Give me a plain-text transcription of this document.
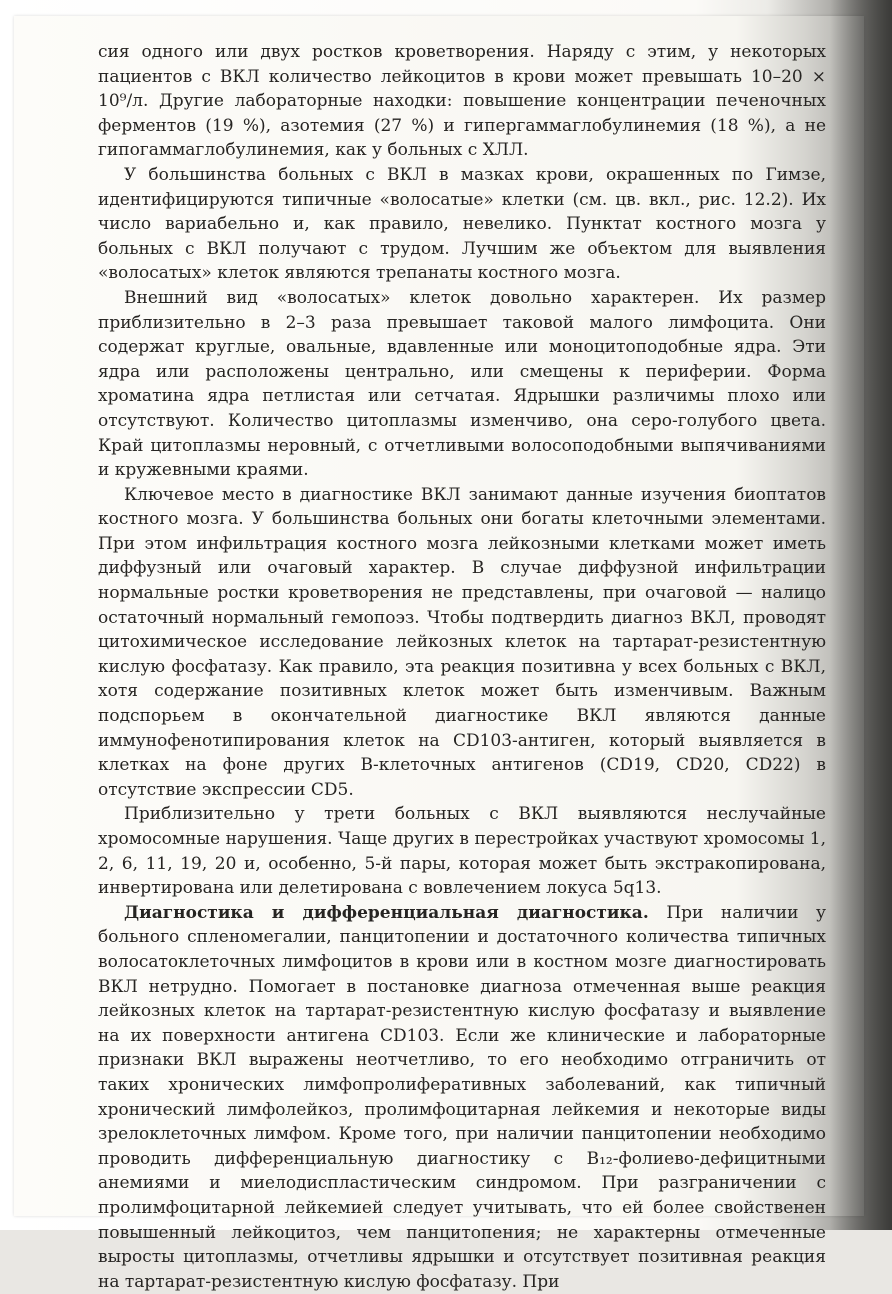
сия одного или двух ростков кроветворения. Наряду с этим, у некоторых пациентов с ВКЛ количество лейкоцитов в крови может превышать 10–20 × 10⁹/л. Другие лабораторные находки: повышение концентрации печеночных ферментов (19 %), азотемия (27 %) и гипергаммаглобулинемия (18 %), а не гипогаммаглобулинемия, как у больных с ХЛЛ.

У большинства больных с ВКЛ в мазках крови, окрашенных по Гимзе, идентифицируются типичные «волосатые» клетки (см. цв. вкл., рис. 12.2). Их число вариабельно и, как правило, невелико. Пунктат костного мозга у больных с ВКЛ получают с трудом. Лучшим же объектом для выявления «волосатых» клеток являются трепанаты костного мозга.

Внешний вид «волосатых» клеток довольно характерен. Их размер приблизительно в 2–3 раза превышает таковой малого лимфоцита. Они содержат круглые, овальные, вдавленные или моноцитоподобные ядра. Эти ядра или расположены центрально, или смещены к периферии. Форма хроматина ядра петлистая или сетчатая. Ядрышки различимы плохо или отсутствуют. Количество цитоплазмы изменчиво, она серо-голубого цвета. Край цитоплазмы неровный, с отчетливыми волосоподобными выпячиваниями и кружевными краями.

Ключевое место в диагностике ВКЛ занимают данные изучения биоптатов костного мозга. У большинства больных они богаты клеточными элементами. При этом инфильтрация костного мозга лейкозными клетками может иметь диффузный или очаговый характер. В случае диффузной инфильтрации нормальные ростки кроветворения не представлены, при очаговой — налицо остаточный нормальный гемопоэз. Чтобы подтвердить диагноз ВКЛ, проводят цитохимическое исследование лейкозных клеток на тартарат-резистентную кислую фосфатазу. Как правило, эта реакция позитивна у всех больных с ВКЛ, хотя содержание позитивных клеток может быть изменчивым. Важным подспорьем в окончательной диагностике ВКЛ являются данные иммунофенотипирования клеток на CD103-антиген, который выявляется в клетках на фоне других В-клеточных антигенов (CD19, CD20, CD22) в отсутствие экспрессии CD5.

Приблизительно у трети больных с ВКЛ выявляются неслучайные хромосомные нарушения. Чаще других в перестройках участвуют хромосомы 1, 2, 6, 11, 19, 20 и, особенно, 5-й пары, которая может быть экстракопирована, инвертирована или делетирована с вовлечением локуса 5q13.

Диагностика и дифференциальная диагностика. При наличии у больного спленомегалии, панцитопении и достаточного количества типичных волосатоклеточных лимфоцитов в крови или в костном мозге диагностировать ВКЛ нетрудно. Помогает в постановке диагноза отмеченная выше реакция лейкозных клеток на тартарат-резистентную кислую фосфатазу и выявление на их поверхности антигена CD103. Если же клинические и лабораторные признаки ВКЛ выражены неотчетливо, то его необходимо отграничить от таких хронических лимфопролиферативных заболеваний, как типичный хронический лимфолейкоз, пролимфоцитарная лейкемия и некоторые виды зрелоклеточных лимфом. Кроме того, при наличии панцитопении необходимо проводить дифференциальную диагностику с B₁₂-фолиево-дефицитными анемиями и миелодиспластическим синдромом. При разграничении с пролимфоцитарной лейкемией следует учитывать, что ей более свойственен повышенный лейкоцитоз, чем панцитопения; не характерны отмеченные выросты цитоплазмы, отчетливы ядрышки и отсутствует позитивная реакция на тартарат-резистентную кислую фосфатазу. При
